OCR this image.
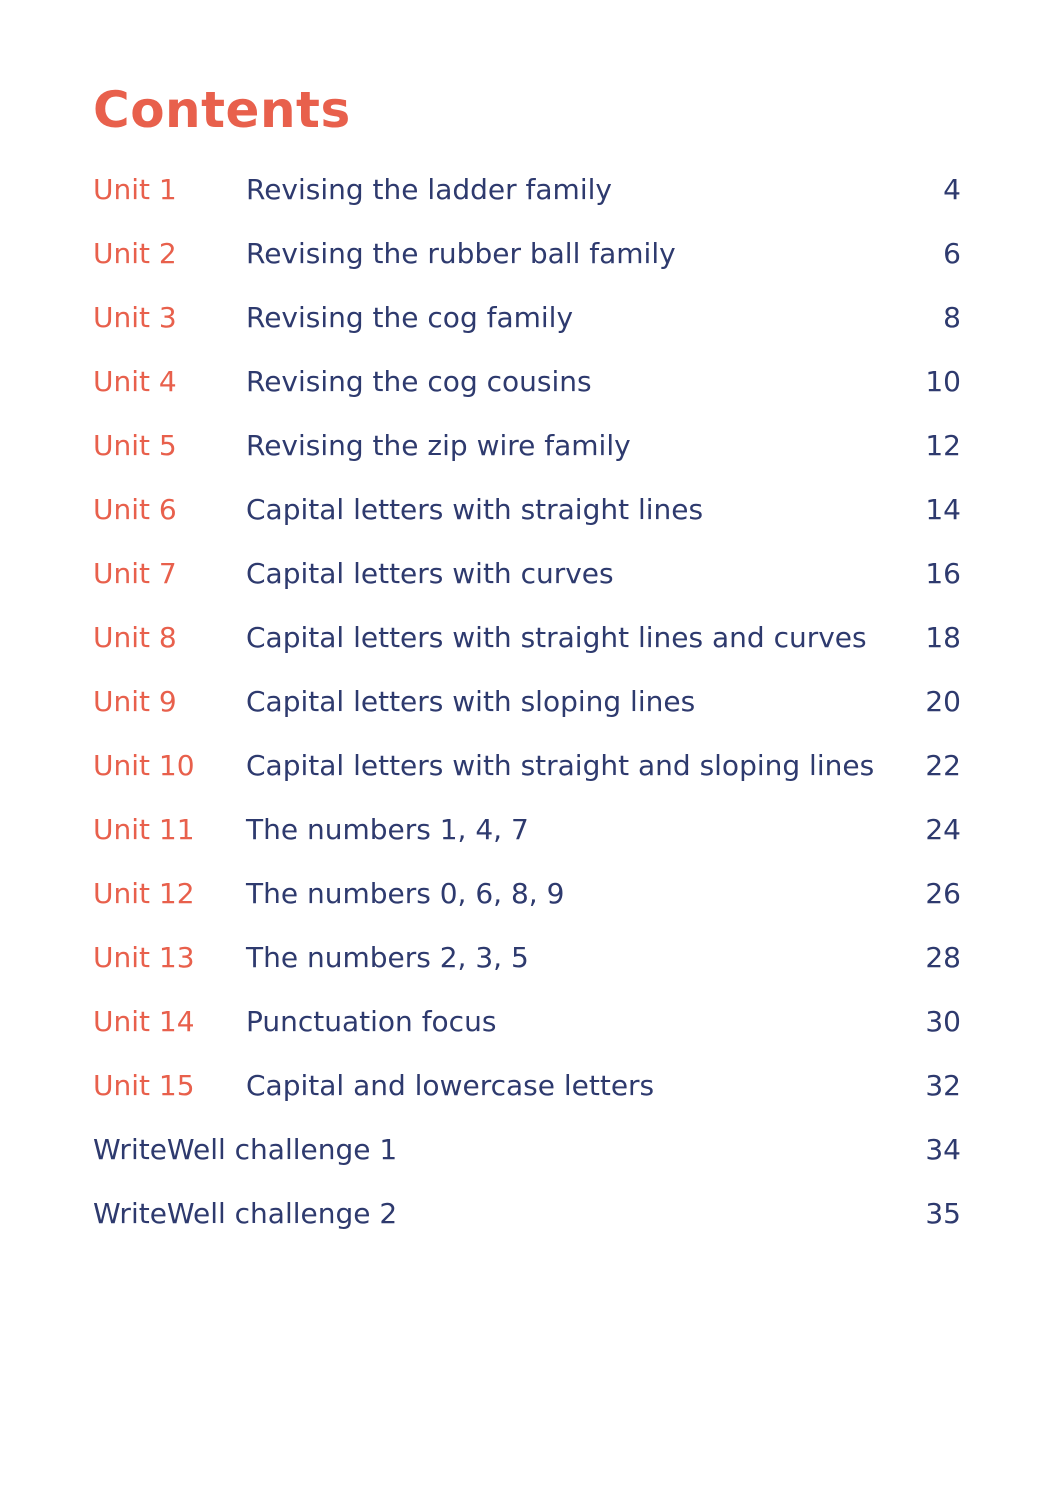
Contents
Unit 1 Revising the ladder family	4
Unit 2 Revising the rubber ball family	6
Unit 3 Revising the cog family	8
Unit 4 Revising the cog cousins	10
Unit 5 Revising the zip wire family	12
Unit 6 Capital letters with straight lines	14
Unit 7 Capital letters with curves	16
Unit 8 Capital letters with straight lines and curves 18
Unit 9 Capital letters with sloping lines	20
Unit 10 Capital letters with straight and sloping lines 22
Unit 11 The numbers 1, 4, 7	24
Unit 12 The numbers 0, 6, 8, 9	26
Unit 13 The numbers 2, 3, 5	28
Unit 14 Punctuation focus	30
Unit 15 Capital and lowercase letters	32
WriteWell challenge 1	34
WriteWell challenge 2	35
